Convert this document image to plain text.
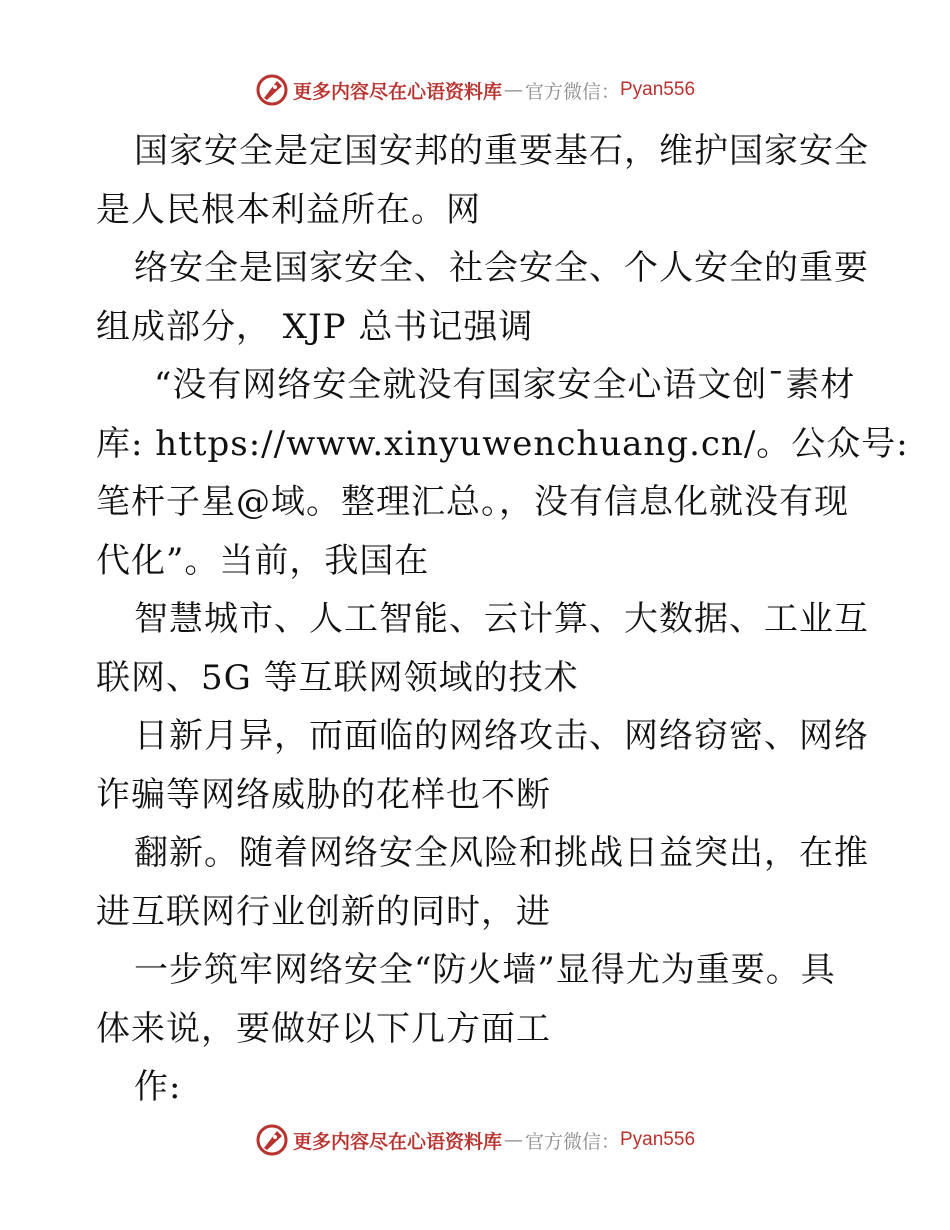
更多内容尽在心语资料库 — 官方微信： Pyan556
国家安全是定国安邦的重要基石，维护国家安全
是人民根本利益所在。网
络安全是国家安全、社会安全、个人安全的重要
组成部分， XJP 总书记强调
“没有网络安全就没有国家安全心语文创¯素材
库: https://www.xinyuwenchuang.cn/。公众号:
笔杆子星@域。整理汇总。，没有信息化就没有现
代化”。当前，我国在
智慧城市、人工智能、云计算、大数据、工业互
联网、5G 等互联网领域的技术
日新月异，而面临的网络攻击、网络窃密、网络
诈骗等网络威胁的花样也不断
翻新。随着网络安全风险和挑战日益突出，在推
进互联网行业创新的同时，进
一步筑牢网络安全“防火墙”显得尤为重要。具
体来说，要做好以下几方面工
作:
更多内容尽在心语资料库 — 官方微信： Pyan556
